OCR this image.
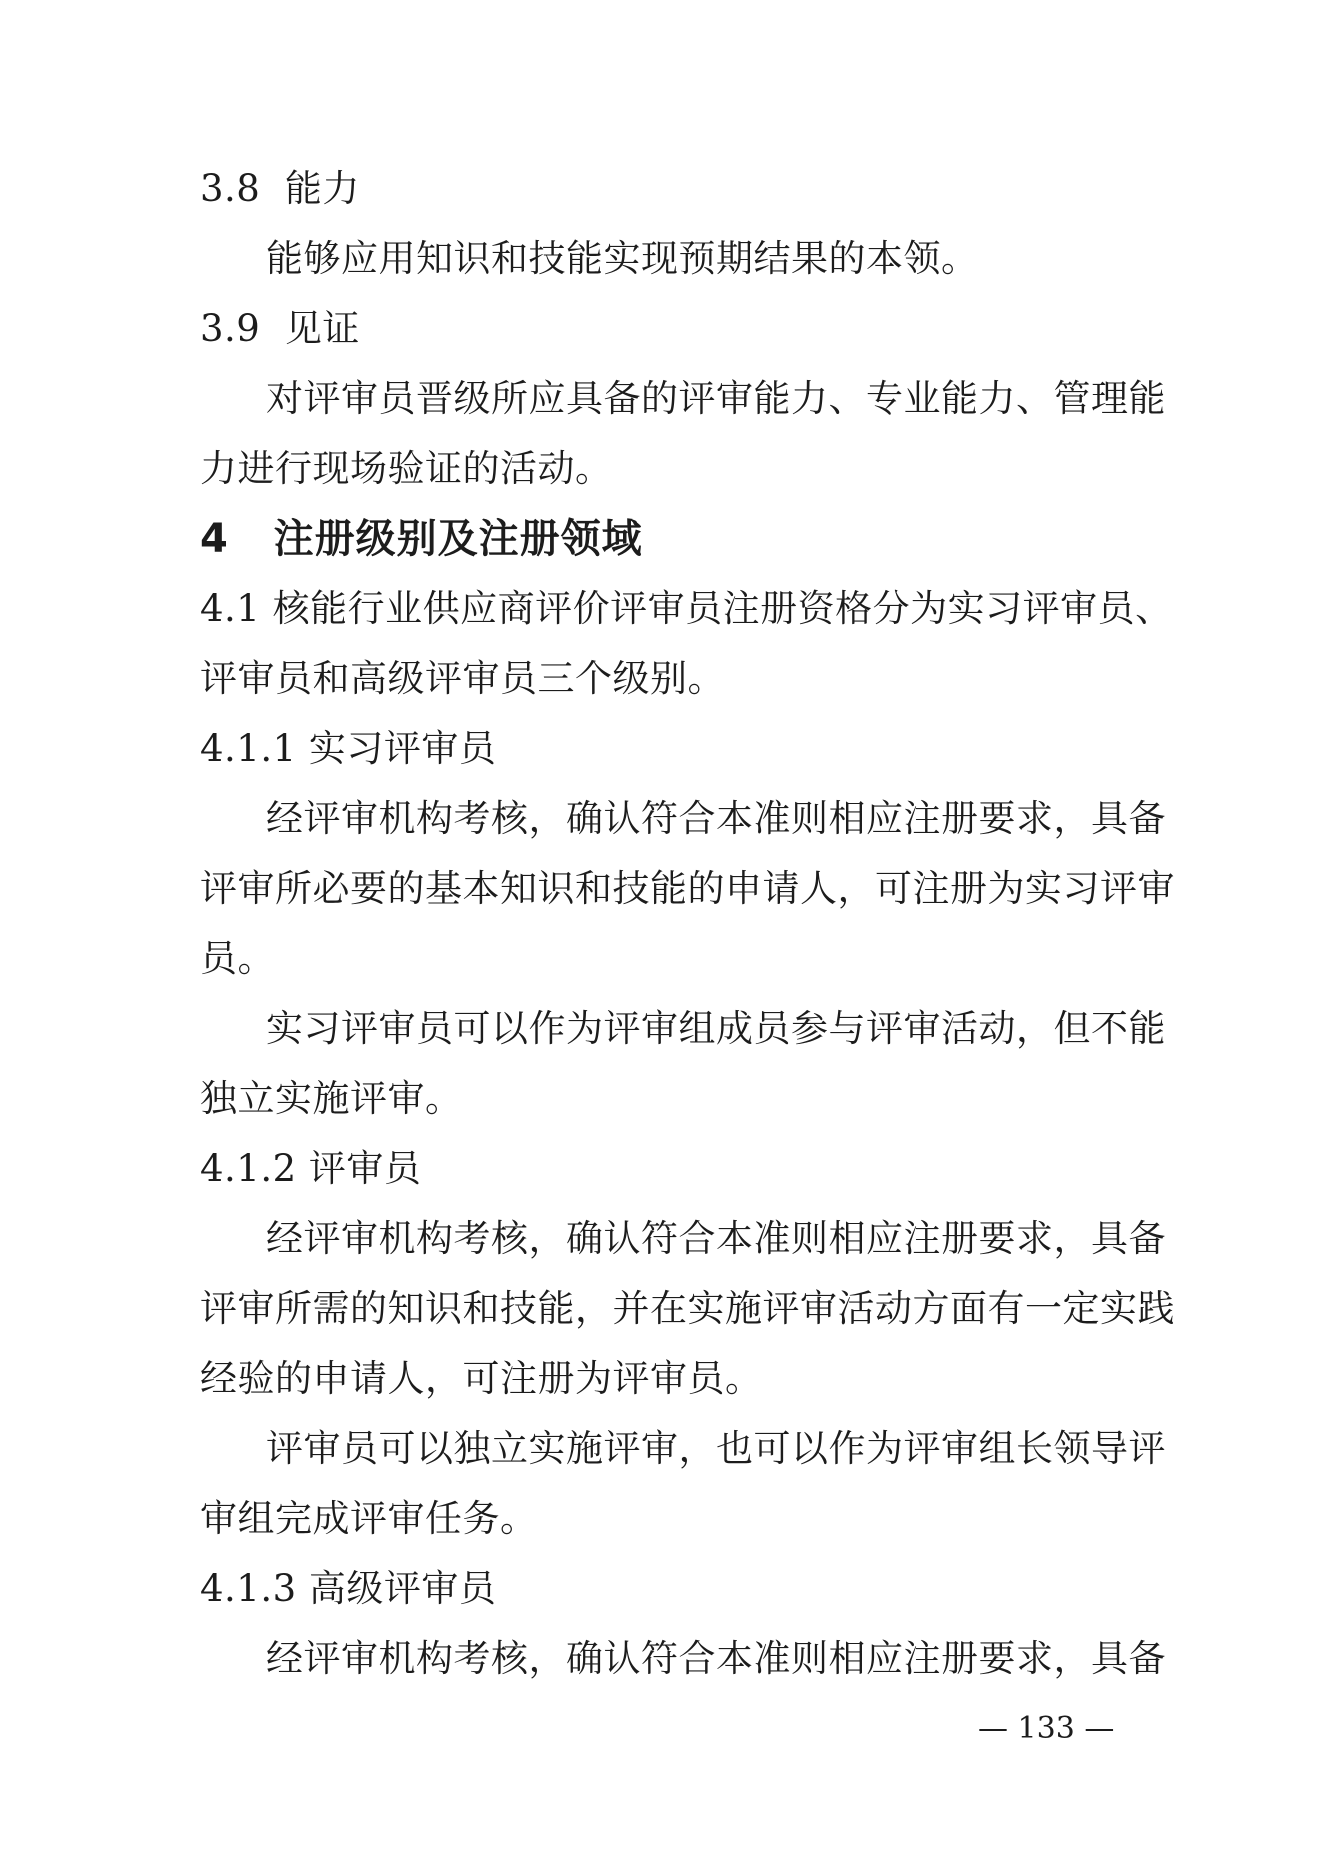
3.8  能力
能够应用知识和技能实现预期结果的本领。
3.9  见证
对评审员晋级所应具备的评审能力、专业能力、管理能
力进行现场验证的活动。
4   注册级别及注册领域
4.1 核能行业供应商评价评审员注册资格分为实习评审员、
评审员和高级评审员三个级别。
4.1.1 实习评审员
经评审机构考核，确认符合本准则相应注册要求，具备
评审所必要的基本知识和技能的申请人，可注册为实习评审
员。
实习评审员可以作为评审组成员参与评审活动，但不能
独立实施评审。
4.1.2 评审员
经评审机构考核，确认符合本准则相应注册要求，具备
评审所需的知识和技能，并在实施评审活动方面有一定实践
经验的申请人，可注册为评审员。
评审员可以独立实施评审，也可以作为评审组长领导评
审组完成评审任务。
4.1.3 高级评审员
经评审机构考核，确认符合本准则相应注册要求，具备
— 133 —
